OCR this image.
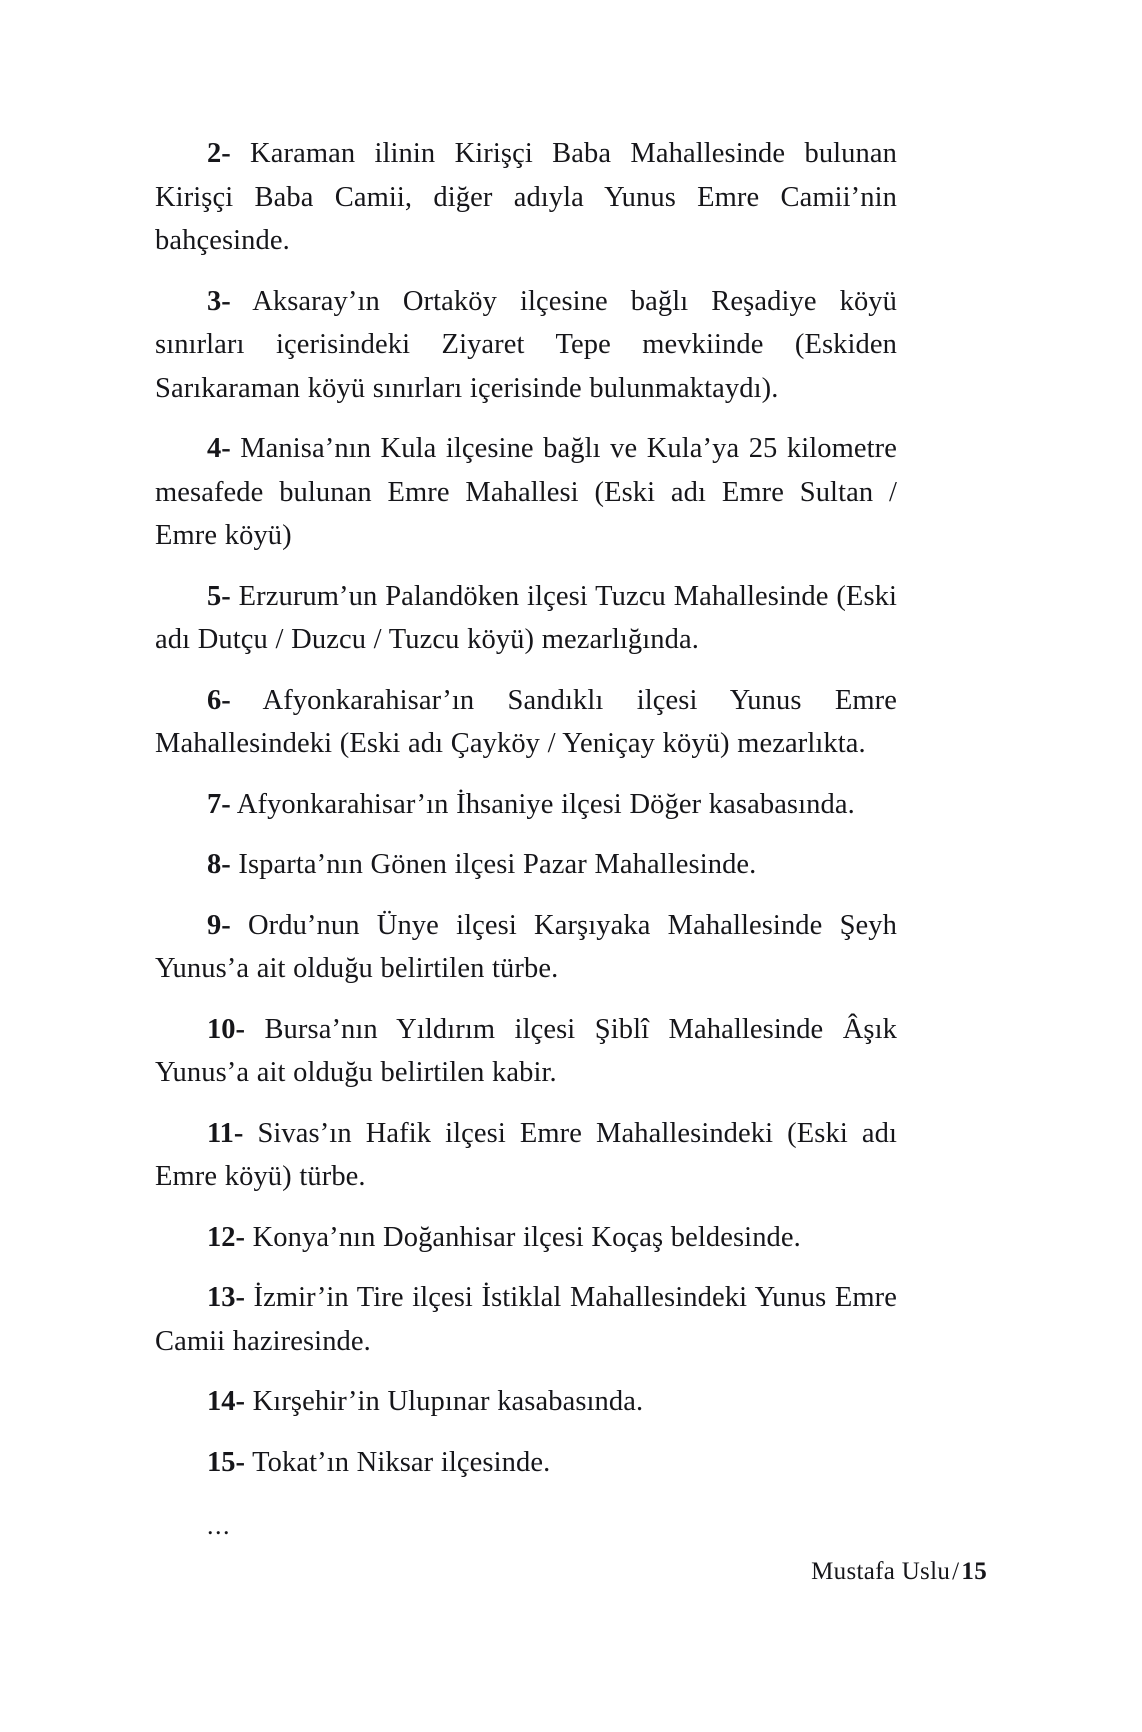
2- Karaman ilinin Kirişçi Baba Mahallesinde bulunan Kirişçi Baba Camii, diğer adıyla Yunus Emre Camii’nin bahçesinde.

3- Aksaray’ın Ortaköy ilçesine bağlı Reşadiye köyü sınırları içerisindeki Ziyaret Tepe mevkiinde (Eskiden Sarıkaraman köyü sınırları içerisinde bulunmaktaydı).

4- Manisa’nın Kula ilçesine bağlı ve Kula’ya 25 kilometre mesafede bulunan Emre Mahallesi (Eski adı Emre Sultan / Emre köyü)

5- Erzurum’un Palandöken ilçesi Tuzcu Mahallesinde (Eski adı Dutçu / Duzcu / Tuzcu köyü) mezarlığında.

6- Afyonkarahisar’ın Sandıklı ilçesi Yunus Emre Mahallesindeki (Eski adı Çayköy / Yeniçay köyü) mezarlıkta.

7- Afyonkarahisar’ın İhsaniye ilçesi Döğer kasabasında.

8- Isparta’nın Gönen ilçesi Pazar Mahallesinde.

9- Ordu’nun Ünye ilçesi Karşıyaka Mahallesinde Şeyh Yunus’a ait olduğu belirtilen türbe.

10- Bursa’nın Yıldırım ilçesi Şiblî Mahallesinde Âşık Yunus’a ait olduğu belirtilen kabir.

11- Sivas’ın Hafik ilçesi Emre Mahallesindeki (Eski adı Emre köyü) türbe.

12- Konya’nın Doğanhisar ilçesi Koçaş beldesinde.

13- İzmir’in Tire ilçesi İstiklal Mahallesindeki Yunus Emre Camii haziresinde.

14- Kırşehir’in Ulupınar kasabasında.

15- Tokat’ın Niksar ilçesinde.

...

Mustafa Uslu/15
